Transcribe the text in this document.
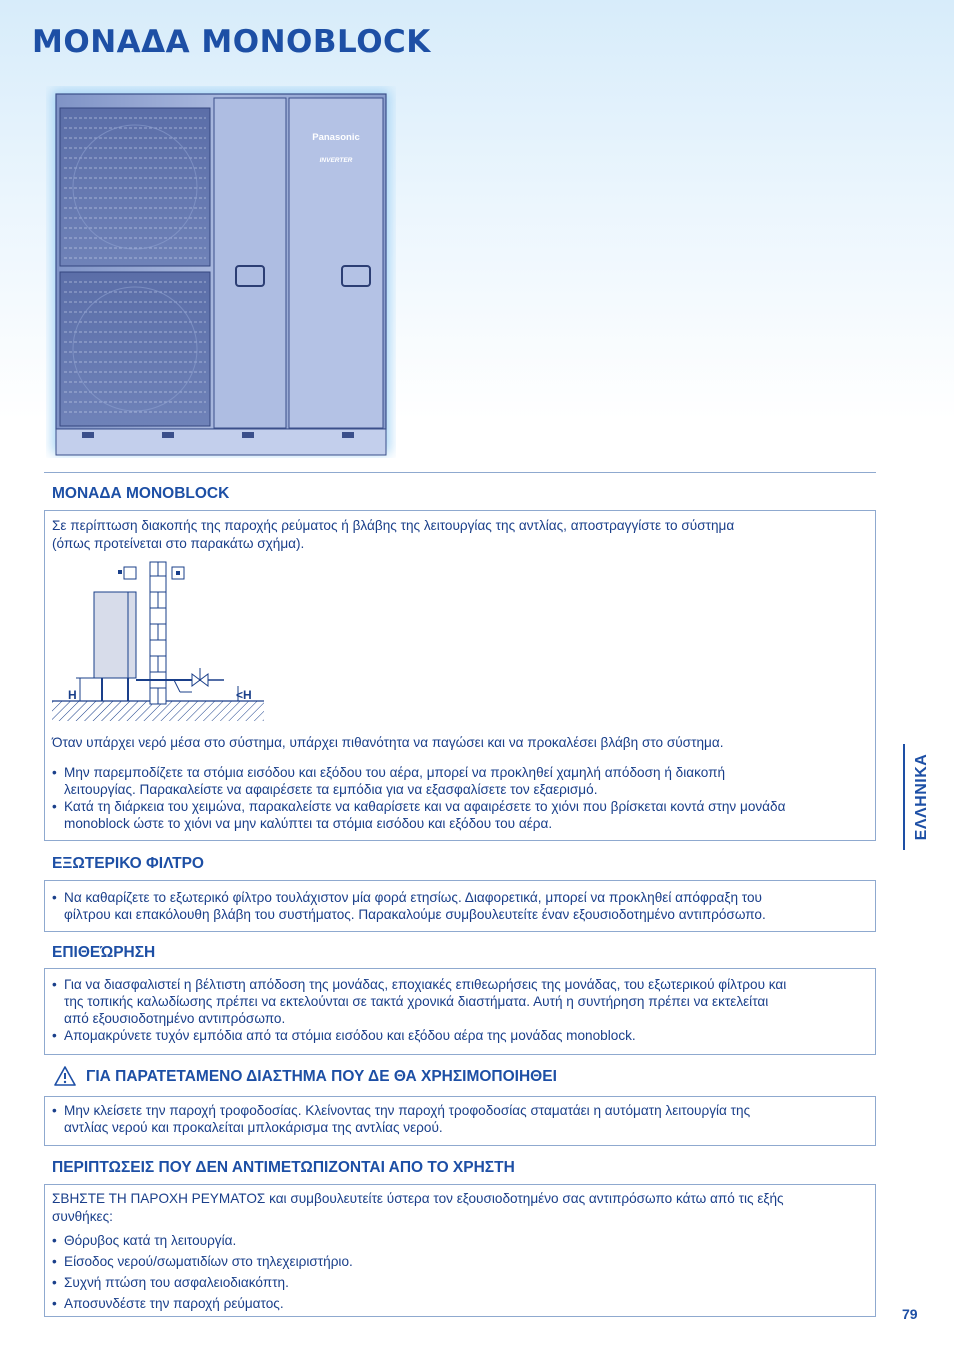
ΜΟΝΑΔΑ MONOBLOCK
Panasonic
INVERTER
ΜΟΝΑΔΑ MONOBLOCK

Σε περίπτωση διακοπής της παροχής ρεύματος ή βλάβης της λειτουργίας της αντλίας, αποστραγγίστε το σύστημα

(όπως προτείνεται στο παρακάτω σχήμα).

H	<H

Όταν υπάρχει νερό μέσα στο σύστημα, υπάρχει πιθανότητα να παγώσει και να προκαλέσει βλάβη στο σύστημα.

• Μην παρεμποδίζετε τα στόμια εισόδου και εξόδου του αέρα, μπορεί να προκληθεί χαμηλή απόδοση ή διακοπή
λειτουργίας. Παρακαλείστε να αφαιρέσετε τα εμπόδια για να εξασφαλίσετε τον εξαερισμό.
• Κατά τη διάρκεια του χειμώνα, παρακαλείστε να καθαρίσετε και να αφαιρέσετε το χιόνι που βρίσκεται κοντά στην μονάδα
monoblock ώστε το χιόνι να μην καλύπτει τα στόμια εισόδου και εξόδου του αέρα.
ΕΞΩΤΕΡΙΚΟ ΦΙΛΤΡΟ
• Να καθαρίζετε το εξωτερικό φίλτρο τουλάχιστον μία φορά ετησίως. Διαφορετικά, μπορεί να προκληθεί απόφραξη του
φίλτρου και επακόλουθη βλάβη του συστήματος. Παρακαλούμε συμβουλευτείτε έναν εξουσιοδοτημένο αντιπρόσωπο.
ΕΠΙΘΕΏΡΗΣΗ
• Για να διασφαλιστεί η βέλτιστη απόδοση της μονάδας, εποχιακές επιθεωρήσεις της μονάδας, του εξωτερικού φίλτρου και
της τοπικής καλωδίωσης πρέπει να εκτελούνται σε τακτά χρονικά διαστήματα. Αυτή η συντήρηση πρέπει να εκτελείται
από εξουσιοδοτημένο αντιπρόσωπο.
• Απομακρύνετε τυχόν εμπόδια από τα στόμια εισόδου και εξόδου αέρα της μονάδας monoblock.
ΓΙΑ ΠΑΡΑΤΕΤΑΜΕΝΟ ΔΙΑΣΤΗΜΑ ΠΟΥ ΔΕ ΘΑ ΧΡΗΣΙΜΟΠΟΙΗΘΕΙ
• Μην κλείσετε την παροχή τροφοδοσίας. Κλείνοντας την παροχή τροφοδοσίας σταματάει η αυτόματη λειτουργία της
αντλίας νερού και προκαλείται μπλοκάρισμα της αντλίας νερού.
ΠΕΡΙΠΤΩΣΕΙΣ ΠΟΥ ΔΕΝ ΑΝΤΙΜΕΤΩΠΙΖΟΝΤΑΙ ΑΠΟ ΤΟ ΧΡΗΣΤΗ

ΣΒΗΣΤΕ ΤΗ ΠΑΡΟΧΗ ΡΕΥΜΑΤΟΣ και συμβουλευτείτε ύστερα τον εξουσιοδοτημένο σας αντιπρόσωπο κάτω από τις εξής

συνθήκες:

• Θόρυβος κατά τη λειτουργία.
• Είσοδος νερού/σωματιδίων στο τηλεχειριστήριο.
• Συχνή πτώση του ασφαλειοδιακόπτη.
• Αποσυνδέστε την παροχή ρεύματος.
ΕΛΛΗΝΙΚΑ
79
